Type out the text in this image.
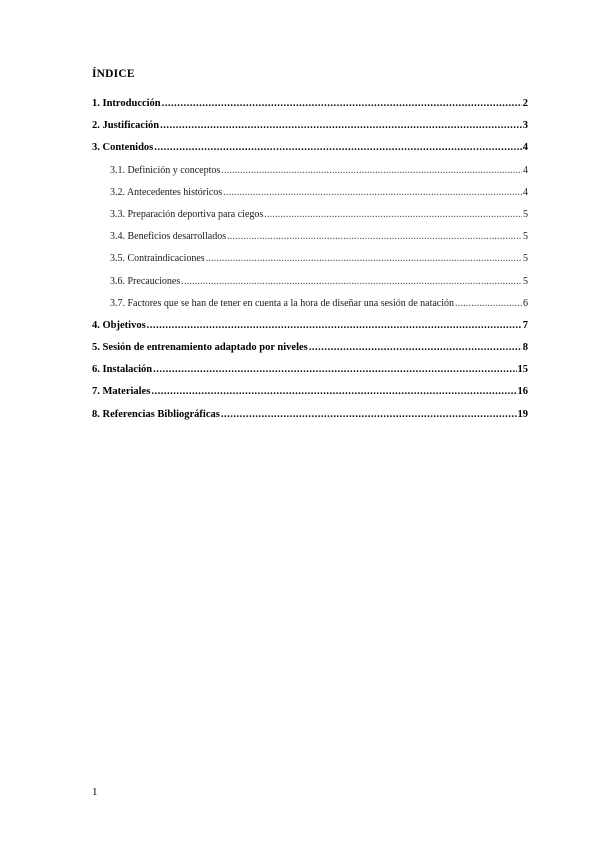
ÍNDICE
1. Introducción .....	2
2. Justificación .....	3
3. Contenidos .....	4
3.1. Definición y conceptos .....	4
3.2. Antecedentes históricos .....	4
3.3. Preparación deportiva para ciegos .....	5
3.4. Beneficios desarrollados .....	5
3.5. Contraindicaciones .....	5
3.6. Precauciones .....	5
3.7. Factores que se han de tener en cuenta a la hora de diseñar una sesión de natación .....	6
4. Objetivos .....	7
5. Sesión de entrenamiento adaptado por niveles .....	8
6. Instalación .....	15
7. Materiales .....	16
8. Referencias Bibliográficas .....	19
1
